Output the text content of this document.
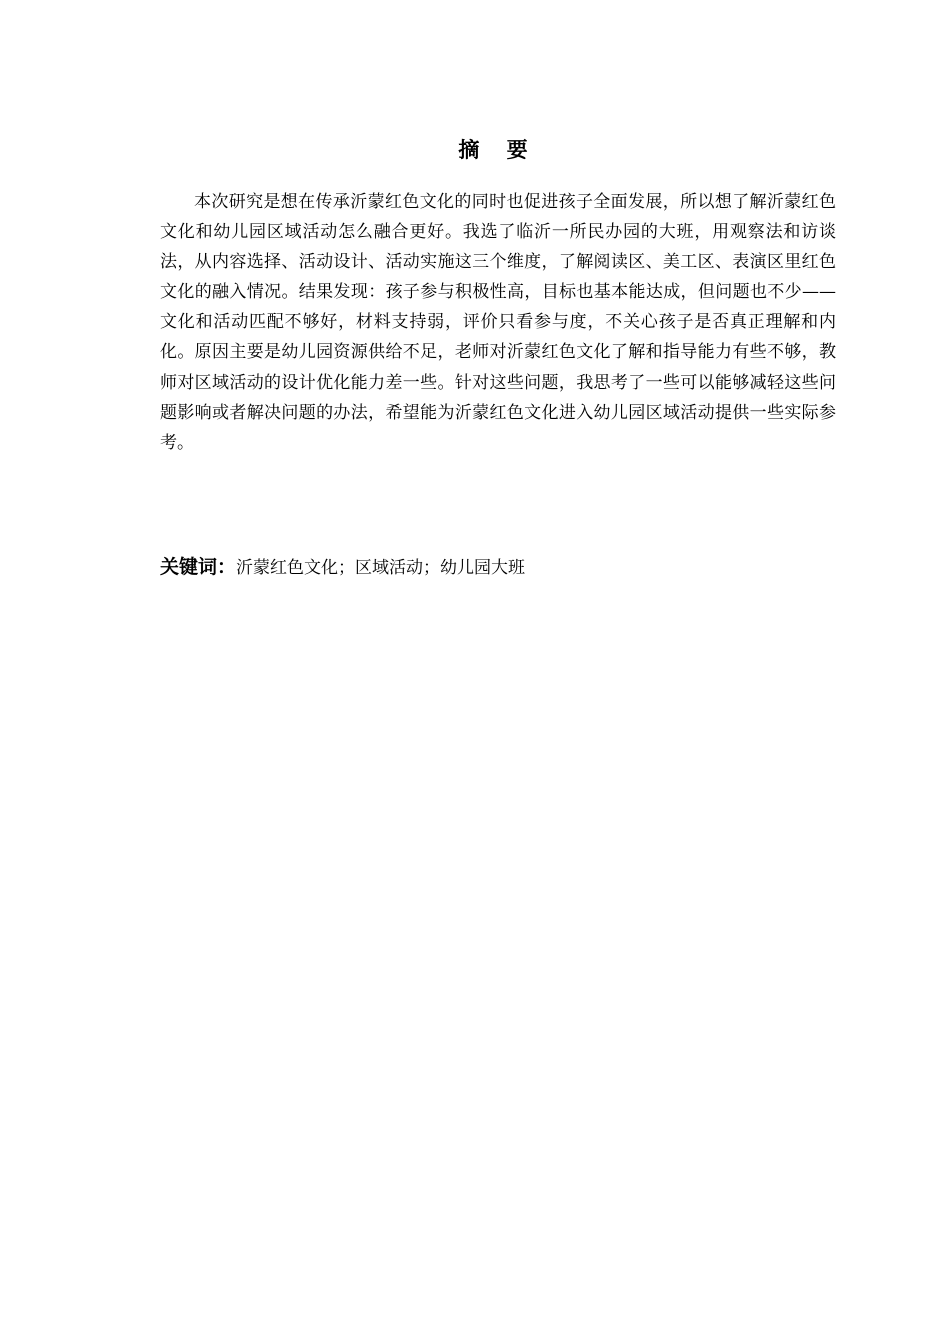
摘 要

本次研究是想在传承沂蒙红色文化的同时也促进孩子全面发展，所以想了解沂蒙红色文化和幼儿园区域活动怎么融合更好。我选了临沂一所民办园的大班，用观察法和访谈法，从内容选择、活动设计、活动实施这三个维度，了解阅读区、美工区、表演区里红色文化的融入情况。结果发现：孩子参与积极性高，目标也基本能达成，但问题也不少——文化和活动匹配不够好，材料支持弱，评价只看参与度，不关心孩子是否真正理解和内化。原因主要是幼儿园资源供给不足，老师对沂蒙红色文化了解和指导能力有些不够，教师对区域活动的设计优化能力差一些。针对这些问题，我思考了一些可以能够减轻这些问题影响或者解决问题的办法，希望能为沂蒙红色文化进入幼儿园区域活动提供一些实际参考。

关键词：沂蒙红色文化；区域活动；幼儿园大班
